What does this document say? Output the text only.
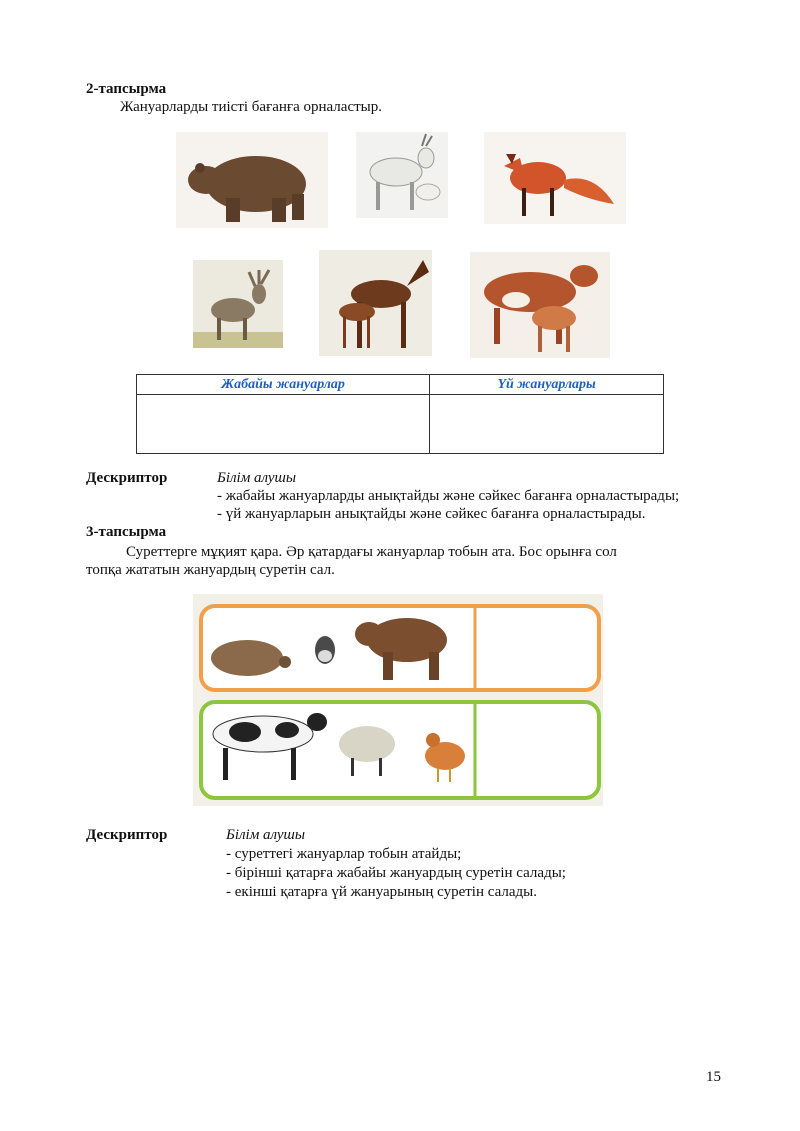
2-тапсырма
Жануарларды тиісті бағанға орналастыр.
Жабайы жануарлар	Үй жануарлары

Дескриптор	Білім алушы
- жабайы жануарларды анықтайды және сәйкес бағанға орналастырады;
- үй жануарларын анықтайды және сәйкес бағанға орналастырады.
3-тапсырма
Суреттерге мұқият қара. Әр қатардағы жануарлар тобын ата. Бос орынға сол
топқа жататын жануардың суретін сал.
Дескриптор	Білім алушы
- суреттегі жануарлар тобын атайды;
- бірінші қатарға жабайы жануардың суретін салады;
- екінші қатарға үй жануарының суретін салады.
15
